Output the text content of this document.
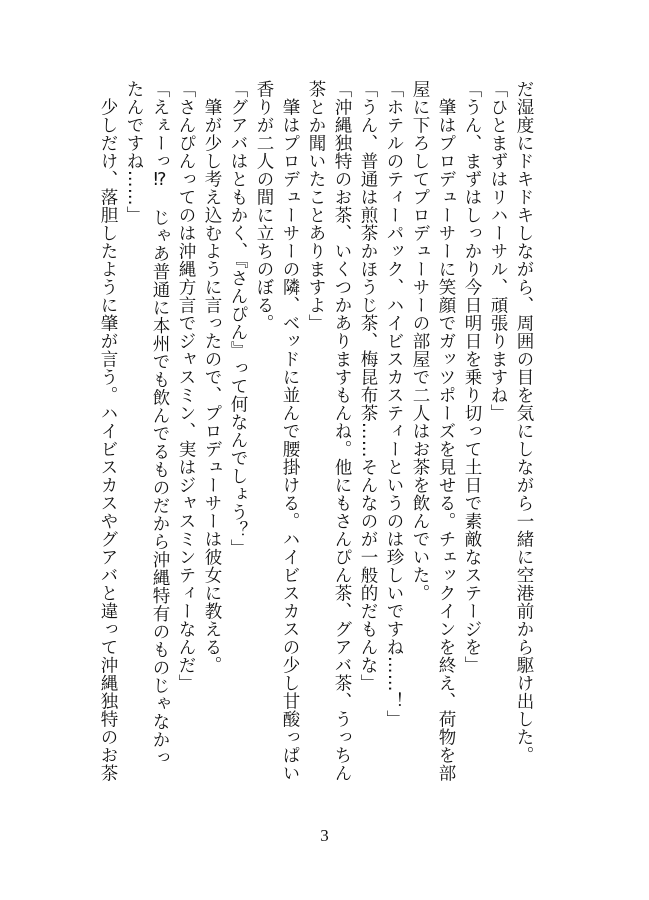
だ湿度にドキドキしながら、周囲の目を気にしながら一緒に空港前から駆け出した。
「ひとまずはリハーサル、頑張りますね」
「うん、まずはしっかり今日明日を乗り切って土日で素敵なステージを」
　肇はプロデューサーに笑顔でガッツポーズを見せる。チェックインを終え、荷物を部
屋に下ろしてプロデューサーの部屋で二人はお茶を飲んでいた。
「ホテルのティーパック、ハイビスカスティーというのは珍しいですね……！」
「うん、普通は煎茶かほうじ茶、梅昆布茶……そんなのが一般的だもんな」
「沖縄独特のお茶、いくつかありますもんね。他にもさんぴん茶、グアバ茶、うっちん
茶とか聞いたことありますよ」
　肇はプロデューサーの隣、ベッドに並んで腰掛ける。ハイビスカスの少し甘酸っぱい
香りが二人の間に立ちのぼる。
「グアバはともかく、『さんぴん』って何なんでしょう？」
　肇が少し考え込むように言ったので、プロデューサーは彼女に教える。
「さんぴんってのは沖縄方言でジャスミン、実はジャスミンティーなんだ」
「えぇーっ⁉　じゃあ普通に本州でも飲んでるものだから沖縄特有のものじゃなかっ
たんですね……」
　少しだけ、落胆したように肇が言う。ハイビスカスやグアバと違って沖縄独特のお茶
3
